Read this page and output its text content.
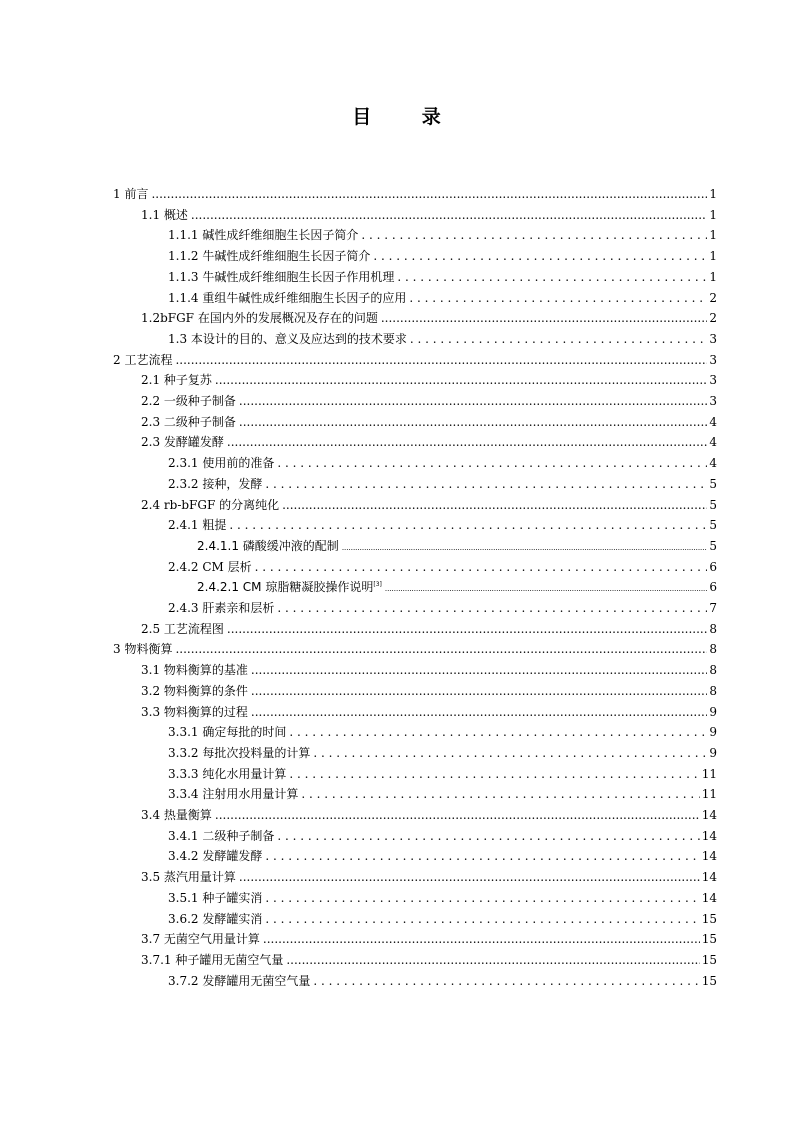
目 录
1 前言 .....	1
1.1 概述 .....	1
1.1.1 碱性成纤维细胞生长因子简介 . . .	1
1.1.2 牛碱性成纤维细胞生长因子简介 . . .	1
1.1.3 牛碱性成纤维细胞生长因子作用机理 . . .	1
1.1.4 重组牛碱性成纤维细胞生长因子的应用 . . .	2
1.2bFGF 在国内外的发展概况及存在的问题 .....	2
1.3 本设计的目的、意义及应达到的技术要求 . . .	3
2 工艺流程 .....	3
2.1 种子复苏 .....	3
2.2 一级种子制备 .....	3
2.3 二级种子制备 .....	4
2.3 发酵罐发酵 .....	4
2.3.1 使用前的准备 . . .	4
2.3.2 接种，发酵 . . .	5
2.4 rb-bFGF 的分离纯化 .....	5
2.4.1 粗提 . . .	5
2.4.1.1 磷酸缓冲液的配制 .....	5
2.4.2 CM 层析 . . .	6
2.4.2.1 CM 琼脂糖凝胶操作说明[3] .....	6
2.4.3 肝素亲和层析 . . .	7
2.5 工艺流程图 .....	8
3 物料衡算 .....	8
3.1 物料衡算的基准 .....	8
3.2 物料衡算的条件 .....	8
3.3 物料衡算的过程 .....	9
3.3.1 确定每批的时间 . . .	9
3.3.2 每批次投料量的计算 . . .	9
3.3.3 纯化水用量计算 . . .	11
3.3.4 注射用水用量计算 . . .	11
3.4 热量衡算 .....	14
3.4.1 二级种子制备 . . .	14
3.4.2 发酵罐发酵 . . .	14
3.5 蒸汽用量计算 .....	14
3.5.1 种子罐实消 . . .	14
3.6.2 发酵罐实消 . . .	15
3.7 无菌空气用量计算 .....	15
3.7.1 种子罐用无菌空气量 .....	15
3.7.2 发酵罐用无菌空气量 . . .	15
